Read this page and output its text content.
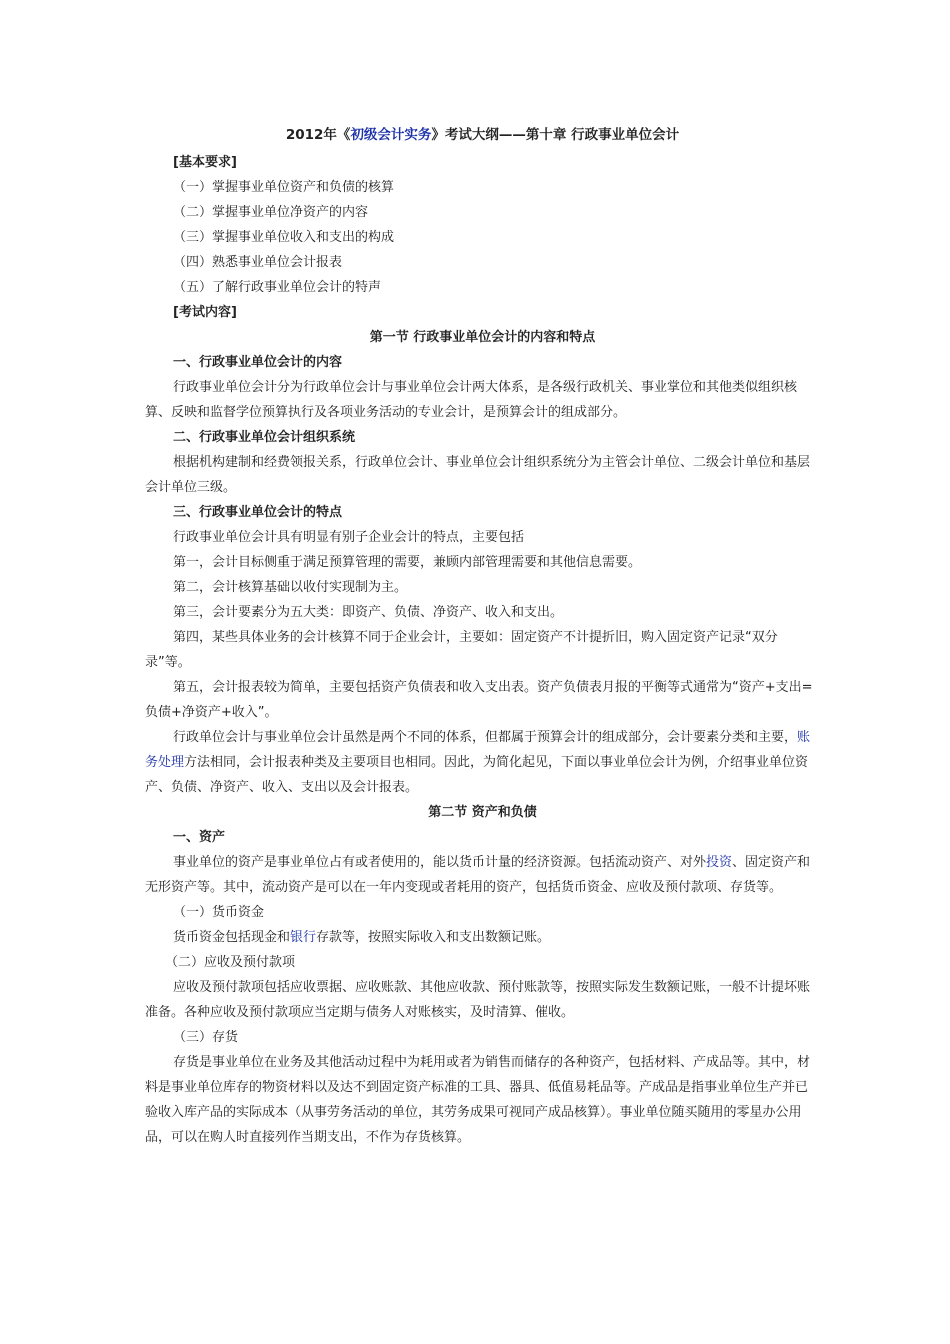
2012年《初级会计实务》考试大纲——第十章 行政事业单位会计
[基本要求]
（一）掌握事业单位资产和负债的核算
（二）掌握事业单位净资产的内容
（三）掌握事业单位收入和支出的构成
（四）熟悉事业单位会计报表
（五）了解行政事业单位会计的特声
[考试内容]
第一节 行政事业单位会计的内容和特点
一、行政事业单位会计的内容
行政事业单位会计分为行政单位会计与事业单位会计两大体系，是各级行政机关、事业掌位和其他类似组织核算、反映和监督学位预算执行及各项业务活动的专业会计，是预算会计的组成部分。
二、行政事业单位会计组织系统
根据机构建制和经费领报关系，行政单位会计、事业单位会计组织系统分为主管会计单位、二级会计单位和基层会计单位三级。
三、行政事业单位会计的特点
行政事业单位会计具有明显有别子企业会计的特点，主要包括
第一，会计目标侧重于满足预算管理的需要，兼顾内部管理需要和其他信息需要。
第二，会计核算基础以收付实现制为主。
第三，会计要素分为五大类：即资产、负债、净资产、收入和支出。
第四，某些具体业务的会计核算不同于企业会计，主要如：固定资产不计提折旧，购入固定资产记录“双分录”等。
第五，会计报表较为简单，主要包括资产负债表和收入支出表。资产负债表月报的平衡等式通常为“资产+支出=负债+净资产+收入”。
行政单位会计与事业单位会计虽然是两个不同的体系，但都属于预算会计的组成部分，会计要素分类和主要，账务处理方法相同，会计报表种类及主要项目也相同。因此，为简化起见，下面以事业单位会计为例，介绍事业单位资产、负债、净资产、收入、支出以及会计报表。
第二节 资产和负债
一、资产
事业单位的资产是事业单位占有或者使用的，能以货币计量的经济资源。包括流动资产、对外投资、固定资产和无形资产等。其中，流动资产是可以在一年内变现或者耗用的资产，包括货币资金、应收及预付款项、存货等。
（一）货币资金
货币资金包括现金和银行存款等，按照实际收入和支出数额记账。
（二）应收及预付款项
应收及预付款项包括应收票据、应收账款、其他应收款、预付账款等，按照实际发生数额记账，一般不计提坏账准备。各种应收及预付款项应当定期与债务人对账核实，及时清算、催收。
（三）存货
存货是事业单位在业务及其他活动过程中为耗用或者为销售而储存的各种资产，包括材料、产成品等。其中，材料是事业单位库存的物资材料以及达不到固定资产标准的工具、器具、低值易耗品等。产成品是指事业单位生产并已验收入库产品的实际成本（从事劳务活动的单位，其劳务成果可视同产成品核算）。事业单位随买随用的零星办公用品，可以在购人时直接列作当期支出，不作为存货核算。
